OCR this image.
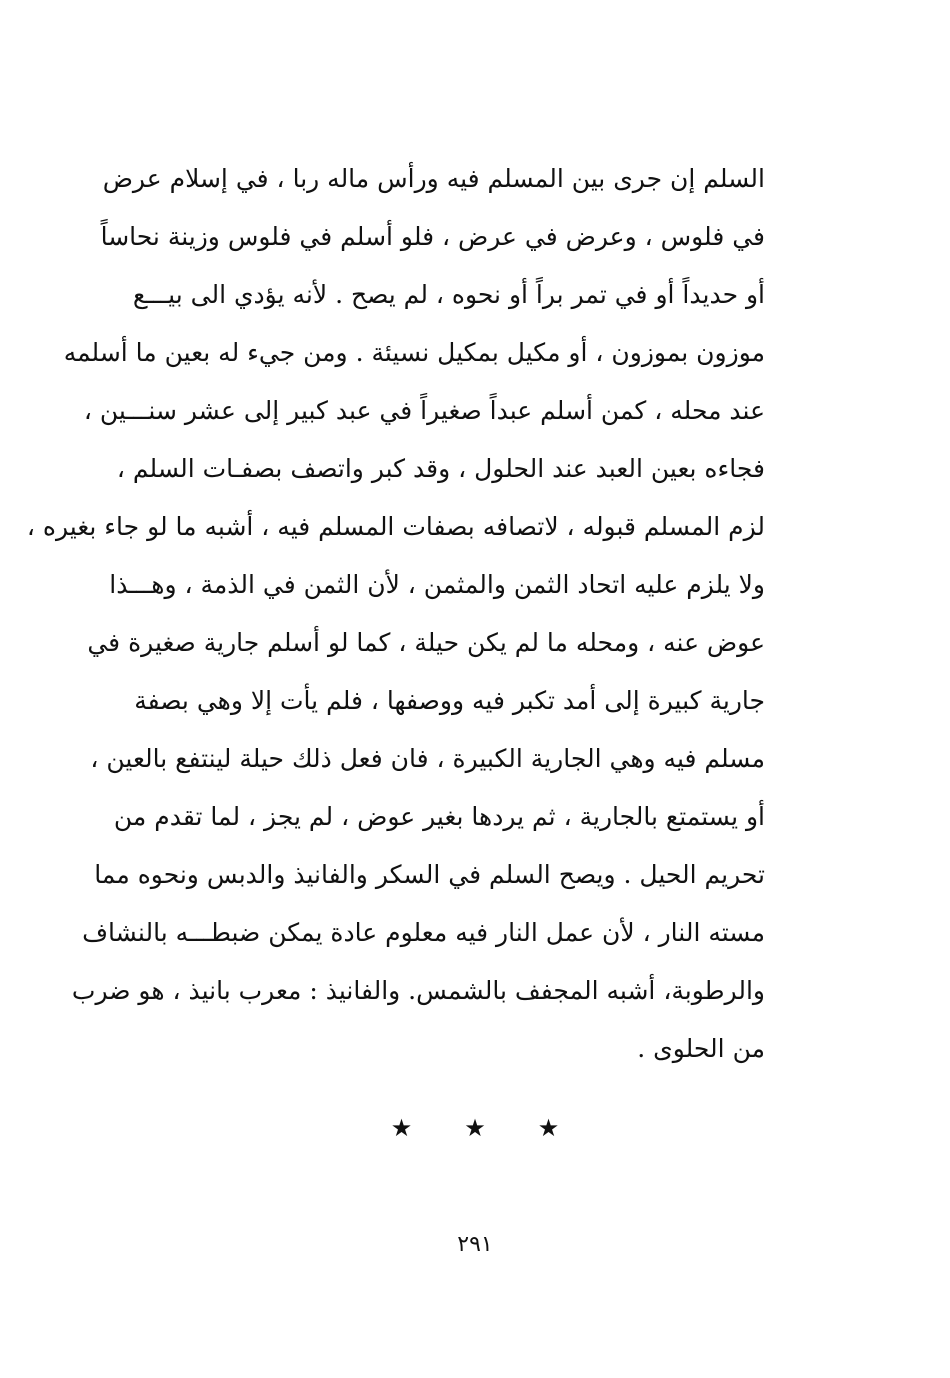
السلم إن جرى بين المسلم فيه ورأس ماله ربا ، في إسلام عرض
في فلوس ، وعرض في عرض ، فلو أسلم في فلوس وزينة نحاساً
أو حديداً أو في تمر براً أو نحوه ، لم يصح . لأنه يؤدي الى بيـــع
موزون بموزون ، أو مكيل بمكيل نسيئة . ومن جيء له بعين ما أسلمه
عند محله ، كمن أسلم عبداً صغيراً في عبد كبير إلى عشر سنـــين ،
فجاءه بعين العبد عند الحلول ، وقد كبر واتصف بصفـات السلم ،
لزم المسلم قبوله ، لاتصافه بصفات المسلم فيه ، أشبه ما لو جاء بغيره ،
ولا يلزم عليه اتحاد الثمن والمثمن ، لأن الثمن في الذمة ، وهـــذا
عوض عنه ، ومحله ما لم يكن حيلة ، كما لو أسلم جارية صغيرة في
جارية كبيرة إلى أمد تكبر فيه ووصفها ، فلم يأت إلا وهي بصفة
مسلم فيه وهي الجارية الكبيرة ، فان فعل ذلك حيلة لينتفع بالعين ،
أو يستمتع بالجارية ، ثم يردها بغير عوض ، لم يجز ، لما تقدم من
تحريم الحيل . ويصح السلم في السكر والفانيذ والدبس ونحوه مما
مسته النار ، لأن عمل النار فيه معلوم عادة يمكن ضبطـــه بالنشاف
والرطوبة، أشبه المجفف بالشمس. والفانيذ : معرب بانيذ ، هو ضرب
من الحلوى .
★
★
★
٢٩١
